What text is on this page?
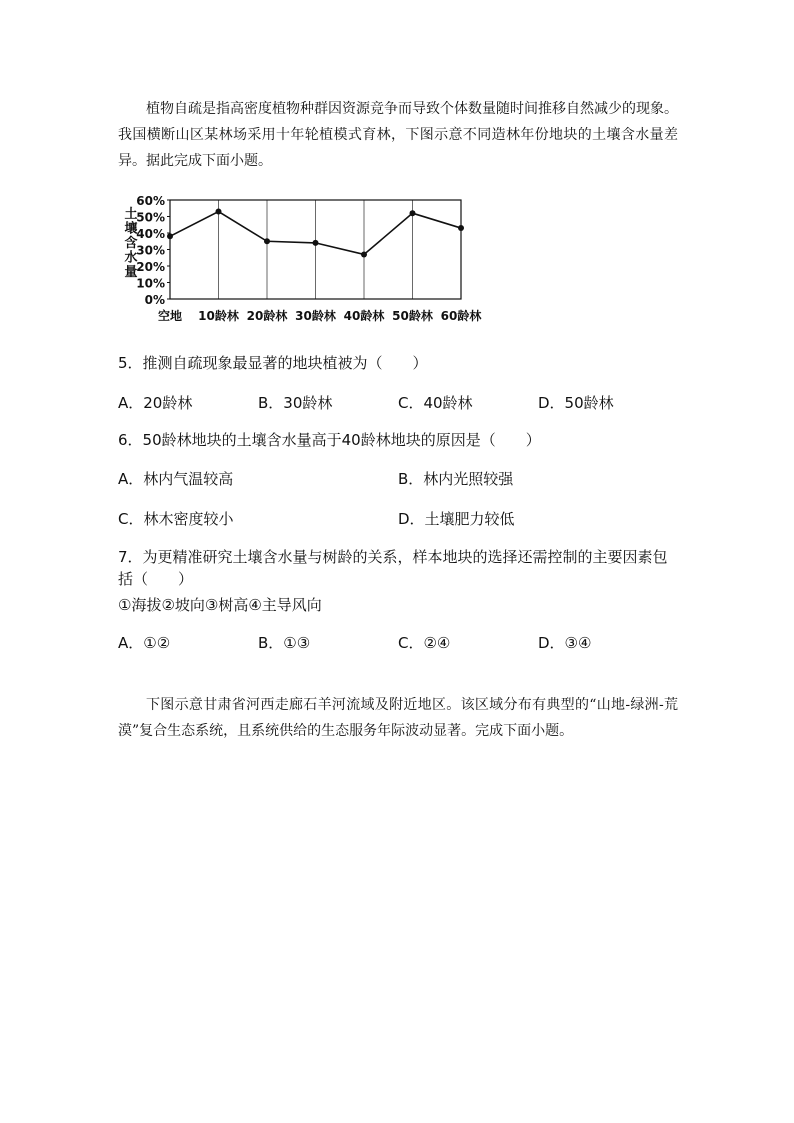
植物自疏是指高密度植物种群因资源竞争而导致个体数量随时间推移自然减少的现象。我国横断山区某林场采用十年轮植模式育林，下图示意不同造林年份地块的土壤含水量差异。据此完成下面小题。
土
壤
含
水
量
0%
10%
20%
30%
40%
50%
60%
空地 10龄林 20龄林 30龄林 40龄林 50龄林 60龄林
5．推测自疏现象最显著的地块植被为（　　）
A．20龄林	B．30龄林	C．40龄林	D．50龄林
6．50龄林地块的土壤含水量高于40龄林地块的原因是（　　）
A．林内气温较高	B．林内光照较强
C．林木密度较小	D．土壤肥力较低
7．为更精准研究土壤含水量与树龄的关系，样本地块的选择还需控制的主要因素包括（　　）
①海拔②坡向③树高④主导风向
A．①②	B．①③	C．②④	D．③④
下图示意甘肃省河西走廊石羊河流域及附近地区。该区域分布有典型的“山地-绿洲-荒漠”复合生态系统，且系统供给的生态服务年际波动显著。完成下面小题。
